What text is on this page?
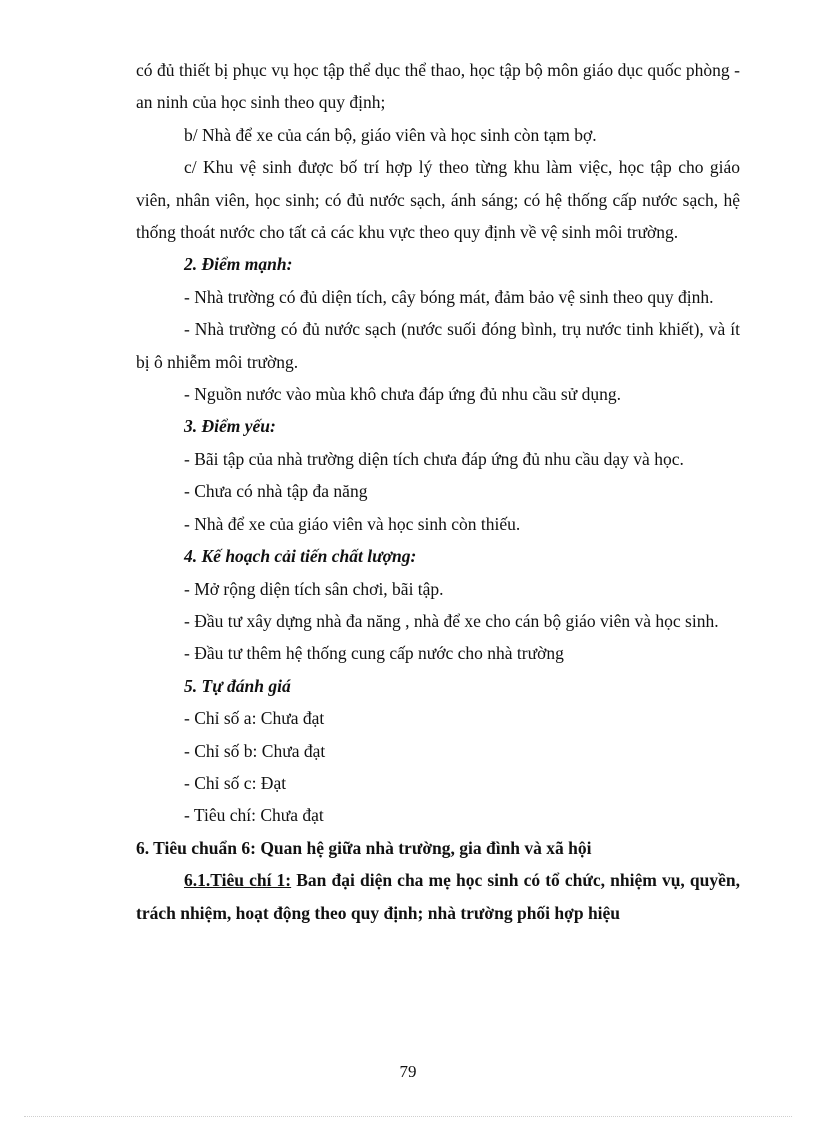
có đủ thiết bị phục vụ học tập thể dục thể thao, học tập bộ môn giáo dục quốc phòng - an ninh của học sinh theo quy định;

b/ Nhà để xe của cán bộ, giáo viên và học sinh còn tạm bợ.

c/ Khu vệ sinh được bố trí hợp lý theo từng khu làm việc, học tập cho giáo viên, nhân viên, học sinh; có đủ nước sạch, ánh sáng; có hệ thống cấp nước sạch, hệ thống thoát nước cho tất cả các khu vực theo quy định về vệ sinh môi trường.

2. Điểm mạnh:

- Nhà trường có đủ diện tích, cây bóng mát, đảm bảo vệ sinh theo quy định.

- Nhà trường có đủ nước sạch (nước suối đóng bình, trụ nước tinh khiết), và ít bị ô nhiễm môi trường.

- Nguồn nước vào mùa khô chưa đáp ứng đủ nhu cầu sử dụng.

3. Điểm yếu:

- Bãi tập của nhà trường diện tích chưa đáp ứng đủ nhu cầu dạy và học.

- Chưa có nhà tập đa năng

- Nhà để xe của giáo viên và học sinh còn thiếu.

4. Kế hoạch cải tiến chất lượng:

- Mở rộng diện tích sân chơi, bãi tập.

- Đầu tư xây dựng nhà đa năng , nhà để xe cho cán bộ giáo viên và học sinh.

- Đầu tư thêm hệ thống cung cấp nước cho nhà trường

5. Tự đánh giá

- Chỉ số a: Chưa đạt

- Chỉ số b: Chưa đạt

- Chỉ số c: Đạt

- Tiêu chí: Chưa đạt

6. Tiêu chuẩn 6: Quan hệ giữa nhà trường, gia đình và xã hội

6.1.Tiêu chí 1: Ban đại diện cha mẹ học sinh có tổ chức, nhiệm vụ, quyền, trách nhiệm, hoạt động theo quy định; nhà trường phối hợp hiệu

79
